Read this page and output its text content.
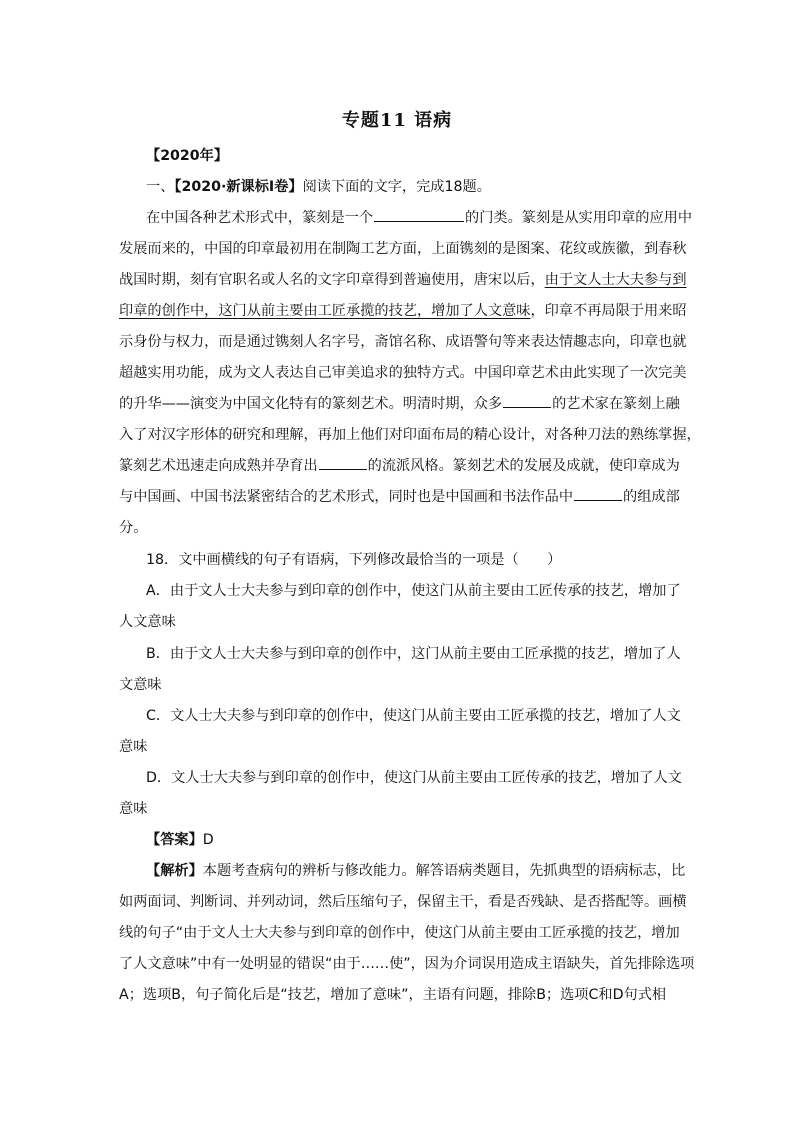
专题11 语病
【2020年】
一、【2020·新课标Ⅰ卷】阅读下面的文字，完成18题。
在中国各种艺术形式中，篆刻是一个	的门类。篆刻是从实用印章的应用中
发展而来的，中国的印章最初用在制陶工艺方面，上面镌刻的是图案、花纹或族徽，到春秋
战国时期，刻有官职名或人名的文字印章得到普遍使用，唐宋以后，由于文人士大夫参与到
印章的创作中，这门从前主要由工匠承揽的技艺，增加了人文意味，印章不再局限于用来昭
示身份与权力，而是通过镌刻人名字号，斋馆名称、成语警句等来表达情趣志向，印章也就
超越实用功能，成为文人表达自己审美追求的独特方式。中国印章艺术由此实现了一次完美
的升华——演变为中国文化特有的篆刻艺术。明清时期，众多	的艺术家在篆刻上融
入了对汉字形体的研究和理解，再加上他们对印面布局的精心设计，对各种刀法的熟练掌握，
篆刻艺术迅速走向成熟并孕育出	的流派风格。篆刻艺术的发展及成就，使印章成为
与中国画、中国书法紧密结合的艺术形式，同时也是中国画和书法作品中	的组成部
分。
18．文中画横线的句子有语病，下列修改最恰当的一项是（　　）
A．由于文人士大夫参与到印章的创作中，使这门从前主要由工匠传承的技艺，增加了
人文意味
B．由于文人士大夫参与到印章的创作中，这门从前主要由工匠承揽的技艺，增加了人
文意味
C．文人士大夫参与到印章的创作中，使这门从前主要由工匠承揽的技艺，增加了人文
意味
D．文人士大夫参与到印章的创作中，使这门从前主要由工匠传承的技艺，增加了人文
意味
【答案】D
【解析】本题考查病句的辨析与修改能力。解答语病类题目，先抓典型的语病标志，比
如两面词、判断词、并列动词，然后压缩句子，保留主干，看是否残缺、是否搭配等。画横
线的句子“由于文人士大夫参与到印章的创作中，使这门从前主要由工匠承揽的技艺，增加
了人文意味”中有一处明显的错误“由于……使”，因为介词误用造成主语缺失，首先排除选项
A；选项B，句子简化后是“技艺，增加了意味”，主语有问题，排除B；选项C和D句式相
